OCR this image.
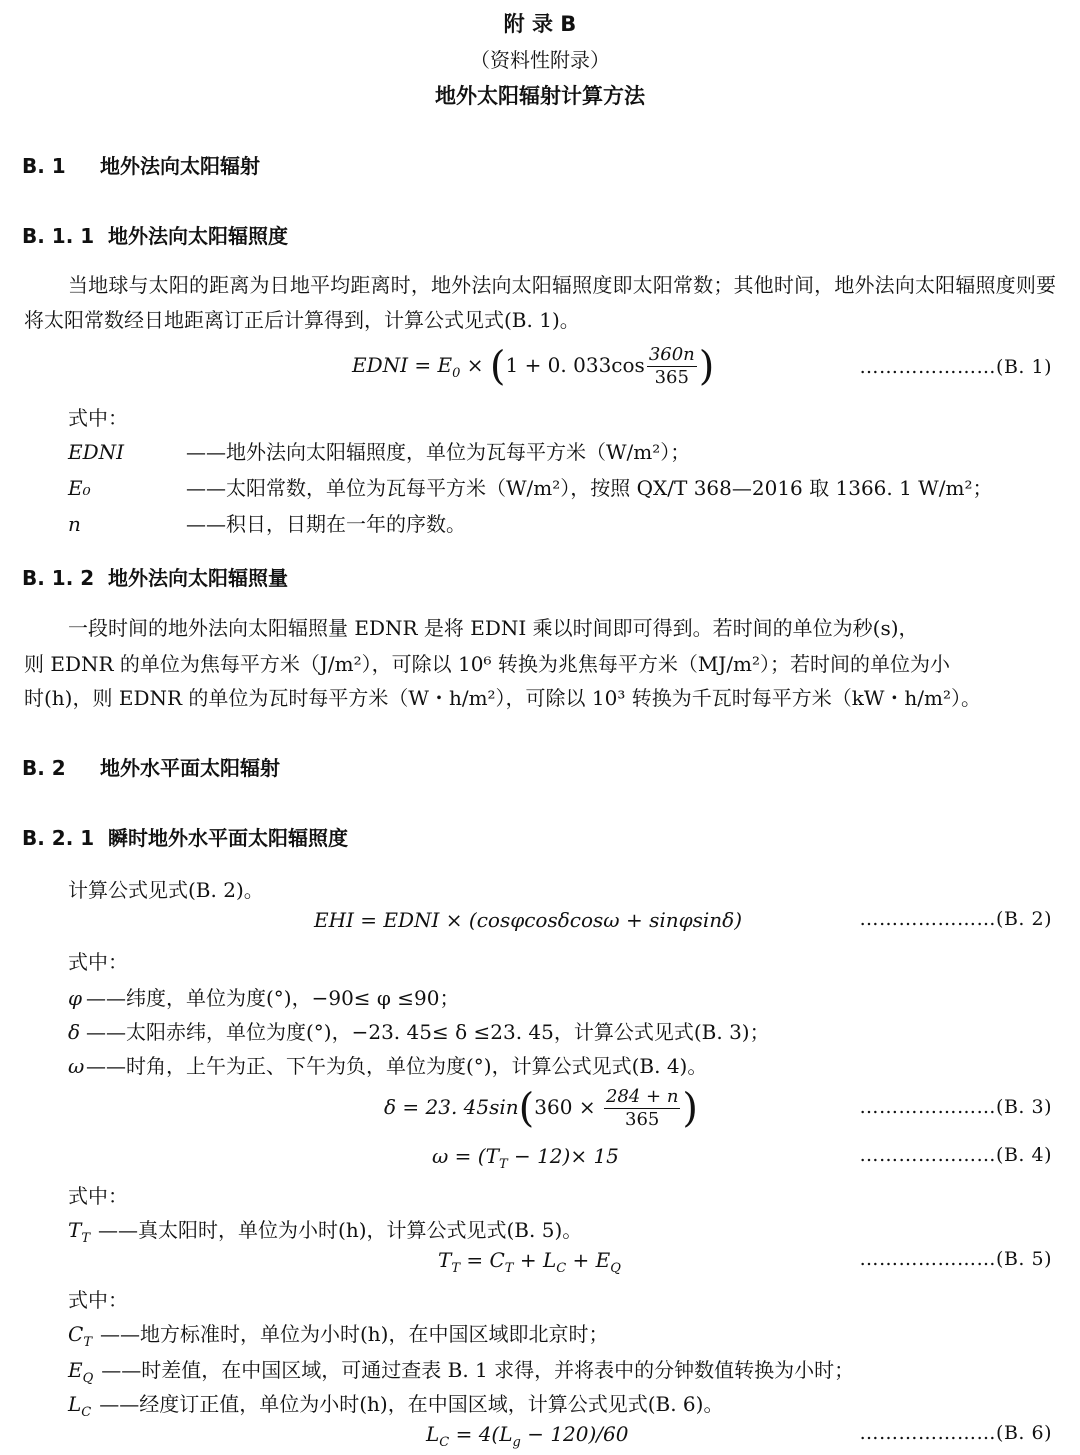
附 录 B
（资料性附录）
地外太阳辐射计算方法
B. 1 地外法向太阳辐射
B. 1. 1 地外法向太阳辐照度
当地球与太阳的距离为日地平均距离时，地外法向太阳辐照度即太阳常数；其他时间，地外法向太阳辐照度则要将太阳常数经日地距离订正后计算得到，计算公式见式(B. 1)。
EDNI = $E_0 \times (1 + 0$. $033\cos \frac{360n}{365}$ )	…………………(B. 1)
式中：
EDNI	——地外法向太阳辐照度，单位为瓦每平方米（W/m²）；
E₀	——太阳常数，单位为瓦每平方米（W/m²），按照 QX/T 368—2016 取 1366. 1 W/m²；
n	——积日，日期在一年的序数。
B. 1. 2 地外法向太阳辐照量
一段时间的地外法向太阳辐照量 EDNR 是将 EDNI 乘以时间即可得到。若时间的单位为秒(s)，
则 EDNR 的单位为焦每平方米（J/m²），可除以 10⁶ 转换为兆焦每平方米（MJ/m²）；若时间的单位为小
时(h)，则 EDNR 的单位为瓦时每平方米（W・h/m²），可除以 10³ 转换为千瓦时每平方米（kW・h/m²）。
B. 2 地外水平面太阳辐射
B. 2. 1 瞬时地外水平面太阳辐照度
计算公式见式(B. 2)。
EHI = EDNI × (cosφcosδcosω + sinφsinδ)	…………………(B. 2)
式中：
φ ——纬度，单位为度(°)，−90≤ φ ≤90；
δ ——太阳赤纬，单位为度(°)，−23. 45≤ δ ≤23. 45，计算公式见式(B. 3)；
ω——时角，上午为正、下午为负，单位为度(°)，计算公式见式(B. 4)。
δ = 23. $45\sin(360 \times \frac{284 + n}{365}$ )	…………………(B. 3)
$\omega = (T_T - 12)\times 15$	…………………(B. 4)
式中：
$T_T$ ——真太阳时，单位为小时(h)，计算公式见式(B. 5)。
$T_T = C_T + L_C + E_Q$	…………………(B. 5)
式中：
$C_T$ ——地方标准时，单位为小时(h)，在中国区域即北京时；
$E_Q$ ——时差值，在中国区域，可通过查表 B. 1 求得，并将表中的分钟数值转换为小时；
$L_C$ ——经度订正值，单位为小时(h)，在中国区域，计算公式见式(B. 6)。
$L_C = 4(L_g - 120)/60$	…………………(B. 6)
